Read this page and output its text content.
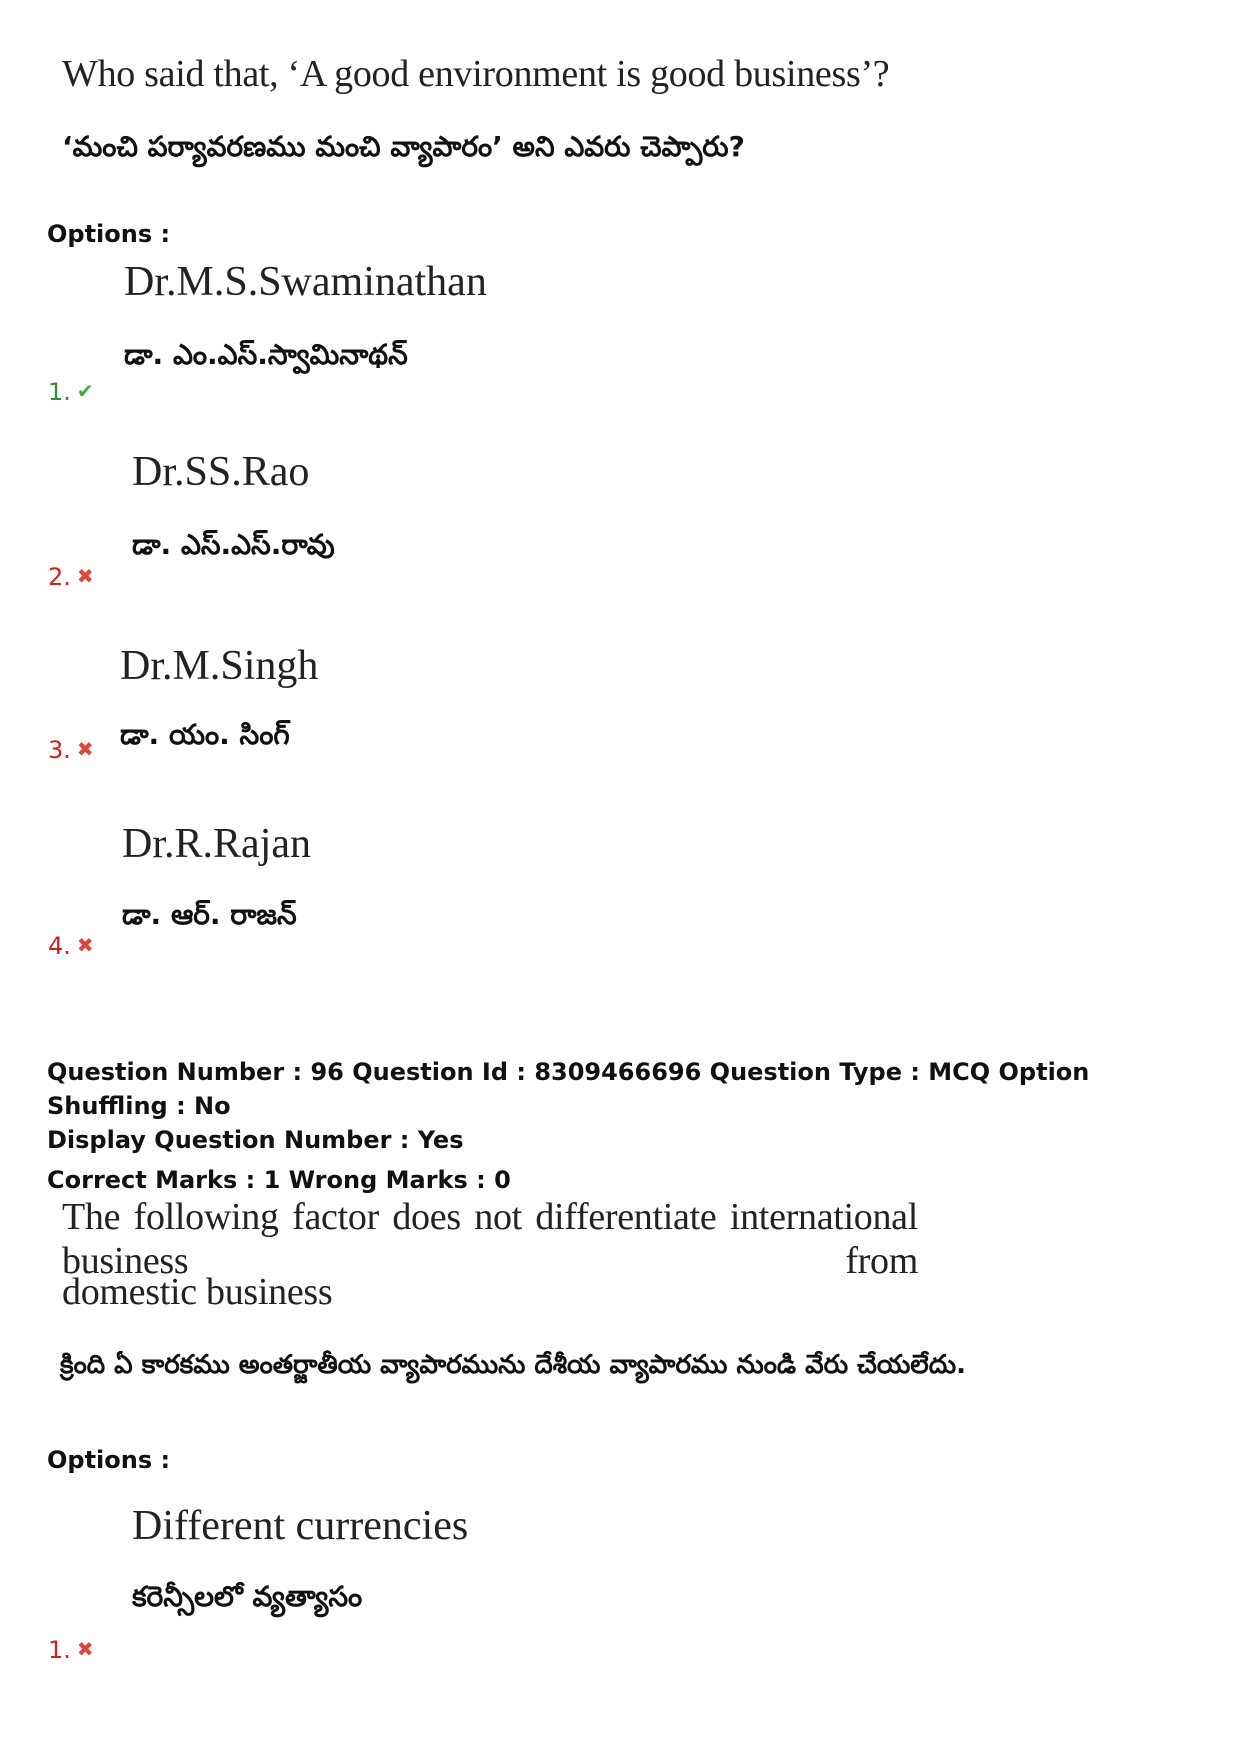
Who said that, ‘A good environment is good business’?
‘మంచి పర్యావరణము మంచి వ్యాపారం’ అని ఎవరు చెప్పారు?
Options :
Dr.M.S.Swaminathan
డా. ఎం.ఎస్.స్వామినాథన్
1. ✔
Dr.SS.Rao
డా. ఎస్.ఎస్.రావు
2. ✖
Dr.M.Singh
డా. యం. సింగ్
3. ✖
Dr.R.Rajan
డా. ఆర్. రాజన్
4. ✖
Question Number : 96 Question Id : 8309466696 Question Type : MCQ Option Shuffling : No
Display Question Number : Yes
Correct Marks : 1 Wrong Marks : 0
The following factor does not differentiate international business from
domestic business
క్రింది ఏ కారకము అంతర్జాతీయ వ్యాపారమును దేశీయ వ్యాపారము నుండి వేరు చేయలేదు.
Options :
Different currencies
కరెన్సీలలో వ్యత్యాసం
1. ✖
